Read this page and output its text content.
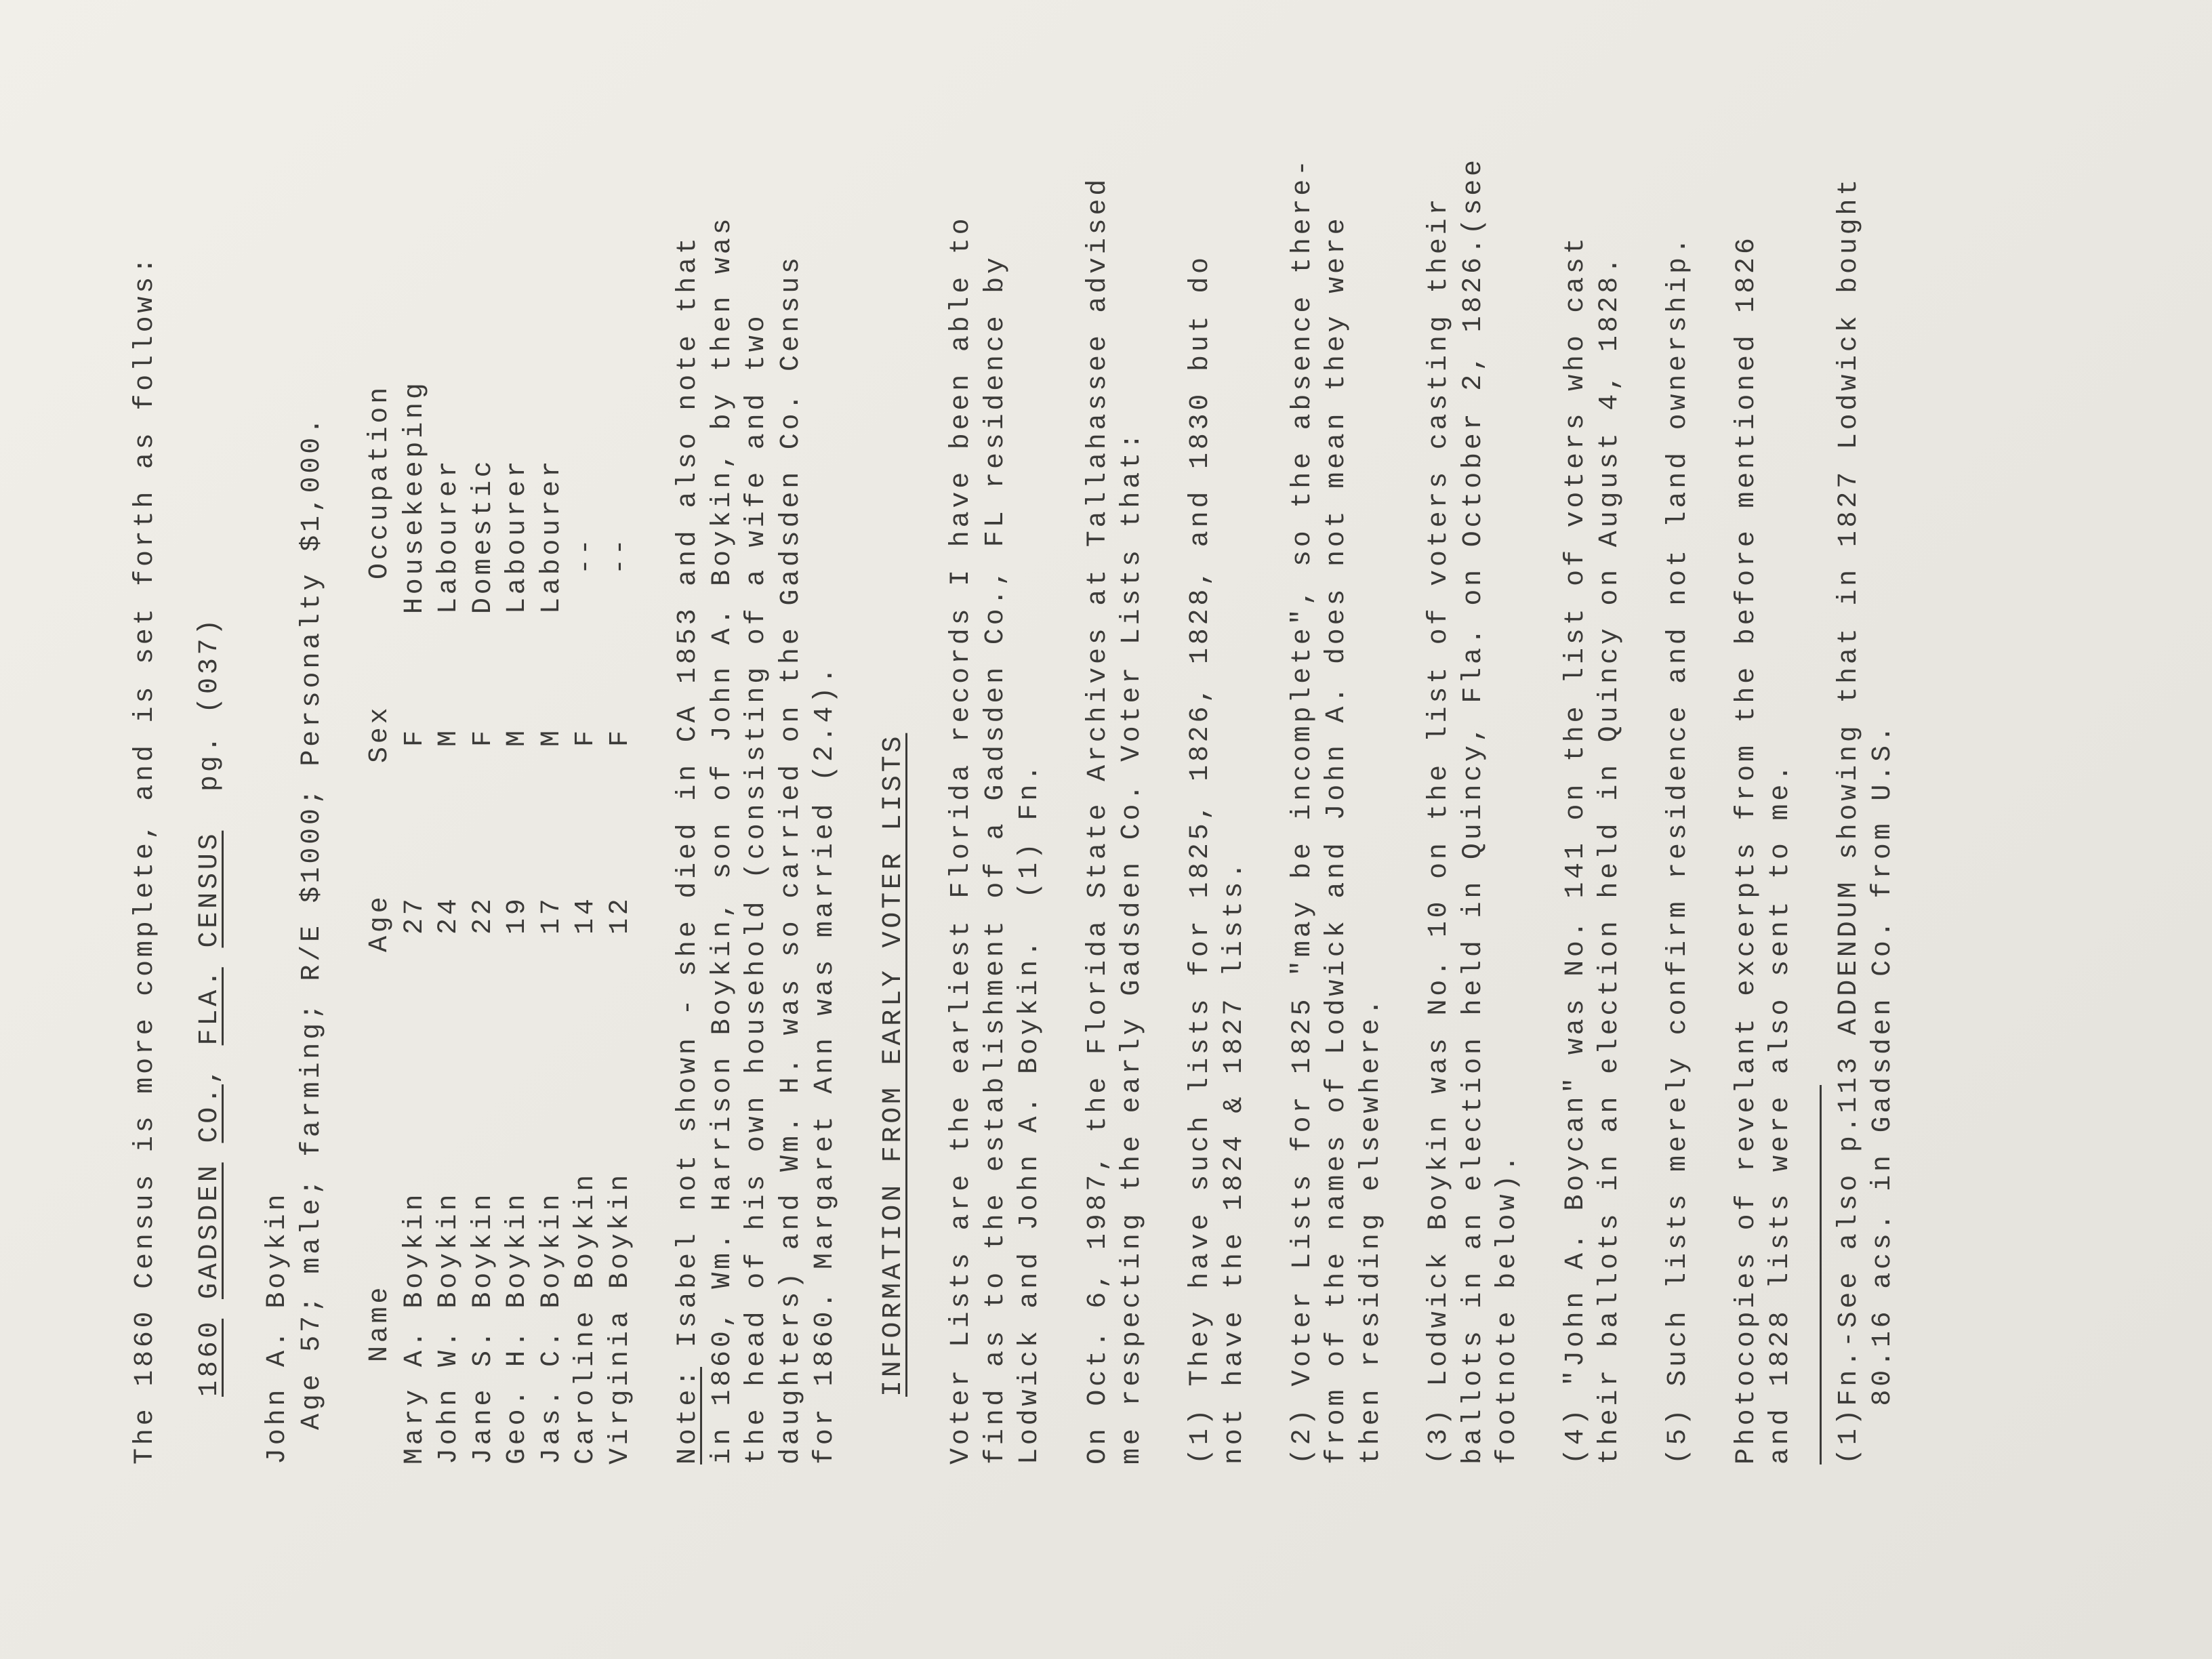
The 1860 Census is more complete, and is set forth as follows:

1860 GADSDEN CO., FLA. CENSUS  pg. (037)

John A. Boykin

Age 57; male; farming; R/E $1000; Personalty $1,000.

Name

Age

Sex

Occupation

Mary A. Boykin

27

F

Housekeeping

John W. Boykin

24

M

Labourer

Jane S. Boykin

22

F

Domestic

Geo. H. Boykin

19

M

Labourer

Jas. C. Boykin

17

M

Labourer

Caroline Boykin

14

F

--

Virginia Boykin

12

F

--

Note: Isabel not shown - she died in CA 1853 and also note that

in 1860, Wm. Harrison Boykin, son of John A. Boykin, by then was

the head of his own household (consisting of a wife and two

daughters) and Wm. H. was so carried on the Gadsden Co. Census

for 1860. Margaret Ann was married (2.4).

INFORMATION FROM EARLY VOTER LISTS

Voter Lists are the earliest Florida records I have been able to

find as to the establishment of a Gadsden Co., FL residence by

Lodwick and John A. Boykin.  (1) Fn.

On Oct. 6, 1987, the Florida State Archives at Tallahassee advised

me respecting the early Gadsden Co. Voter Lists that:

(1) They have such lists for 1825, 1826, 1828, and 1830 but do

not have the 1824 & 1827 lists.

(2) Voter Lists for 1825 "may be incomplete", so the absence there-

from of the names of Lodwick and John A. does not mean they were

then residing elsewhere.

(3) Lodwick Boykin was No. 10 on the list of voters casting their

ballots in an election held in Quincy, Fla. on October 2, 1826.(see

footnote below).

(4) "John A. Boycan" was No. 141 on the list of voters who cast

their ballots in an election held in Quincy on August 4, 1828.

(5) Such lists merely confirm residence and not land ownership.

Photocopies of revelant excerpts from the before mentioned 1826

and 1828 lists were also sent to me.

(1)Fn.-See also p.113 ADDENDUM showing that in 1827 Lodwick bought

80.16 acs. in Gadsden Co. from U.S.
